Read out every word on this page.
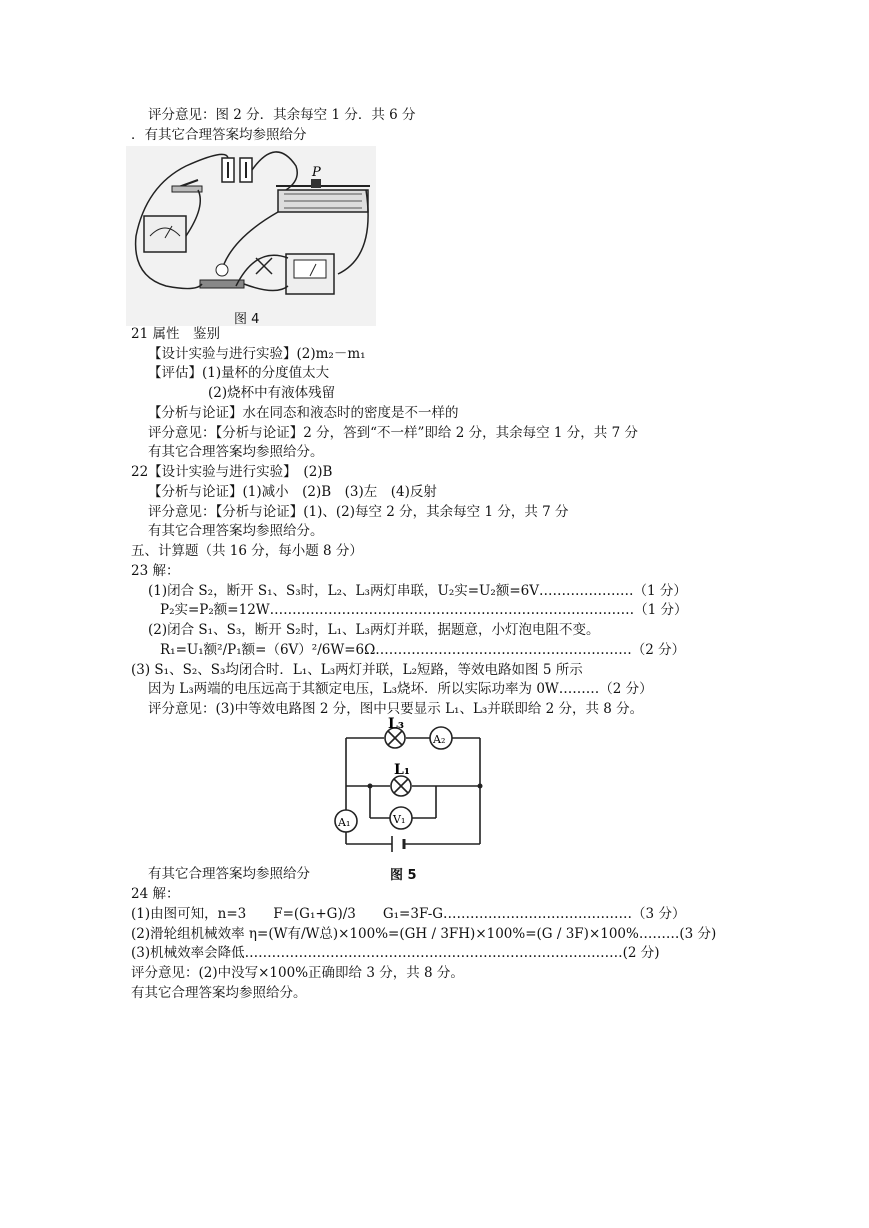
评分意见：图 2 分．其余每空 1 分．共 6 分
．有其它合理答案均参照给分
P
图 4
21 属性　鉴别
【设计实验与进行实验】(2)m₂－m₁
【评估】(1)量杯的分度值太大
(2)烧杯中有液体残留
【分析与论证】水在同态和液态时的密度是不一样的
评分意见：【分析与论证】2 分，答到“不一样”即给 2 分，其余每空 1 分，共 7 分
有其它合理答案均参照给分。
22【设计实验与进行实验】　(2)B
【分析与论证】(1)减小　(2)B　(3)左　(4)反射
评分意见：【分析与论证】(1)、(2)每空 2 分，其余每空 1 分，共 7 分
有其它合理答案均参照给分。
五、计算题（共 16 分，每小题 8 分）
23 解：
(1)闭合 S₂，断开 S₁、S₃时，L₂、L₃两灯串联，U₂实=U₂额=6V…………………（1 分）
P₂实=P₂额=12W………………………………………………………………………（1 分）
(2)闭合 S₁、S₃，断开 S₂时，L₁、L₃两灯并联，据题意，小灯泡电阻不变。
R₁=U₁额²/P₁额=（6V）²/6W=6Ω…………………………………………………（2 分）
(3) S₁、S₂、S₃均闭合时．L₁、L₃两灯并联，L₂短路，等效电路如图 5 所示
因为 L₃两端的电压远高于其额定电压，L₃烧坏．所以实际功率为 0W………（2 分）
评分意见：(3)中等效电路图 2 分，图中只要显示 L₁、L₃并联即给 2 分，共 8 分。
L₃
L₁
A₂
A₁	V₁
有其它合理答案均参照给分	图 5
24 解：
(1)由图可知，n=3　　F=(G₁+G)/3　　G₁=3F-G……………………………………（3 分）
(2)滑轮组机械效率 η=(W有/W总)×100%=(GH / 3FH)×100%=(G / 3F)×100%………(3 分)
(3)机械效率会降低…………………………………………………………………………(2 分)
评分意见：(2)中没写×100%正确即给 3 分，共 8 分。
有其它合理答案均参照给分。
